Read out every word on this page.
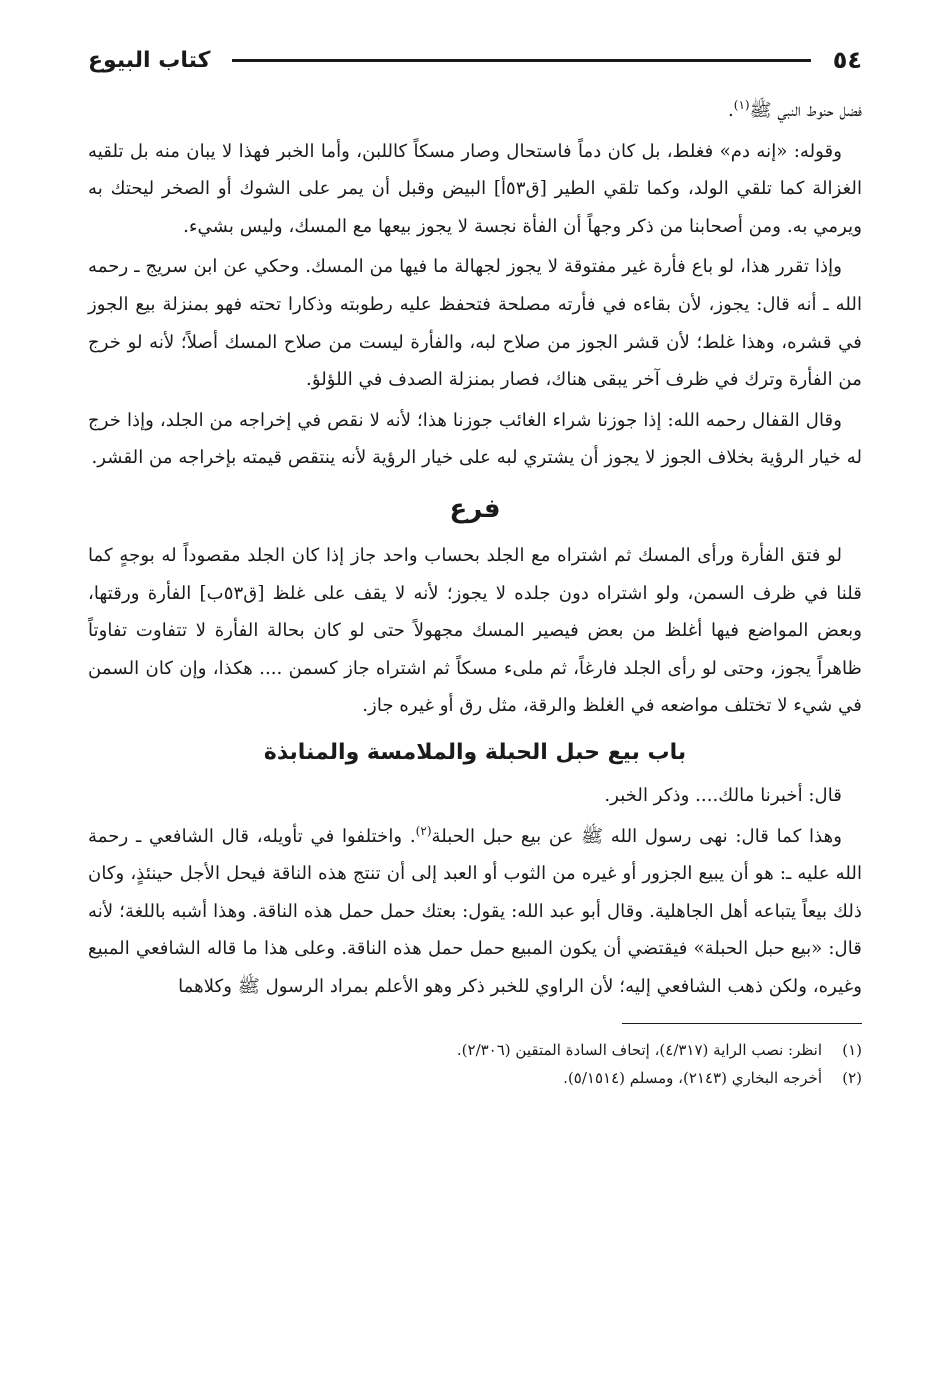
٥٤
كتاب البيوع

فضل حنوط النبي ﷺ$^{(١)}$.

وقوله: «إنه دم» فغلط، بل كان دماً فاستحال وصار مسكاً كاللبن، وأما الخبر فهذا لا يبان منه بل تلقيه الغزالة كما تلقي الولد، وكما تلقي الطير [ق٥٣أ] البيض وقبل أن يمر على الشوك أو الصخر ليحتك به ويرمي به. ومن أصحابنا من ذكر وجهاً أن الفأة نجسة لا يجوز بيعها مع المسك، وليس بشيء.

وإذا تقرر هذا، لو باع فأرة غير مفتوقة لا يجوز لجهالة ما فيها من المسك. وحكي عن ابن سريج ـ رحمه الله ـ أنه قال: يجوز، لأن بقاءه في فأرته مصلحة فتحفظ عليه رطوبته وذكارا تحته فهو بمنزلة بيع الجوز في قشره، وهذا غلط؛ لأن قشر الجوز من صلاح لبه، والفأرة ليست من صلاح المسك أصلاً؛ لأنه لو خرج من الفأرة وترك في ظرف آخر يبقى هناك، فصار بمنزلة الصدف في اللؤلؤ.

وقال القفال رحمه الله: إذا جوزنا شراء الغائب جوزنا هذا؛ لأنه لا نقص في إخراجه من الجلد، وإذا خرج له خيار الرؤية بخلاف الجوز لا يجوز أن يشتري لبه على خيار الرؤية لأنه ينتقص قيمته بإخراجه من القشر.

فرع

لو فتق الفأرة ورأى المسك ثم اشتراه مع الجلد بحساب واحد جاز إذا كان الجلد مقصوداً له بوجهٍ كما قلنا في ظرف السمن، ولو اشتراه دون جلده لا يجوز؛ لأنه لا يقف على غلظ [ق٥٣ب] الفأرة ورقتها، وبعض المواضع فيها أغلظ من بعض فيصير المسك مجهولاً حتى لو كان بحالة الفأرة لا تتفاوت تفاوتاً ظاهراً يجوز، وحتى لو رأى الجلد فارغاً، ثم ملىء مسكاً ثم اشتراه جاز كسمن .... هكذا، وإن كان السمن في شيء لا تختلف مواضعه في الغلظ والرقة، مثل رق أو غيره جاز.

باب بيع حبل الحبلة والملامسة والمنابذة

قال: أخبرنا مالك.... وذكر الخبر.

وهذا كما قال: نهى رسول الله ﷺ عن بيع حبل الحبلة$^{(٢)}$. واختلفوا في تأويله، قال الشافعي ـ رحمة الله عليه ـ: هو أن يبيع الجزور أو غيره من الثوب أو العبد إلى أن تنتج هذه الناقة فيحل الأجل حينئذٍ، وكان ذلك بيعاً يتباعه أهل الجاهلية. وقال أبو عبد الله: يقول: بعتك حمل حمل هذه الناقة. وهذا أشبه باللغة؛ لأنه قال: «بيع حبل الحبلة» فيقتضي أن يكون المبيع حمل حمل هذه الناقة. وعلى هذا ما قاله الشافعي المبيع وغيره، ولكن ذهب الشافعي إليه؛ لأن الراوي للخبر ذكر وهو الأعلم بمراد الرسول ﷺ وكلاهما

(١)
انظر: نصب الراية (٤/٣١٧)، إتحاف السادة المتقين (٢/٣٠٦).
(٢)
أخرجه البخاري (٢١٤٣)، ومسلم (٥/١٥١٤).
